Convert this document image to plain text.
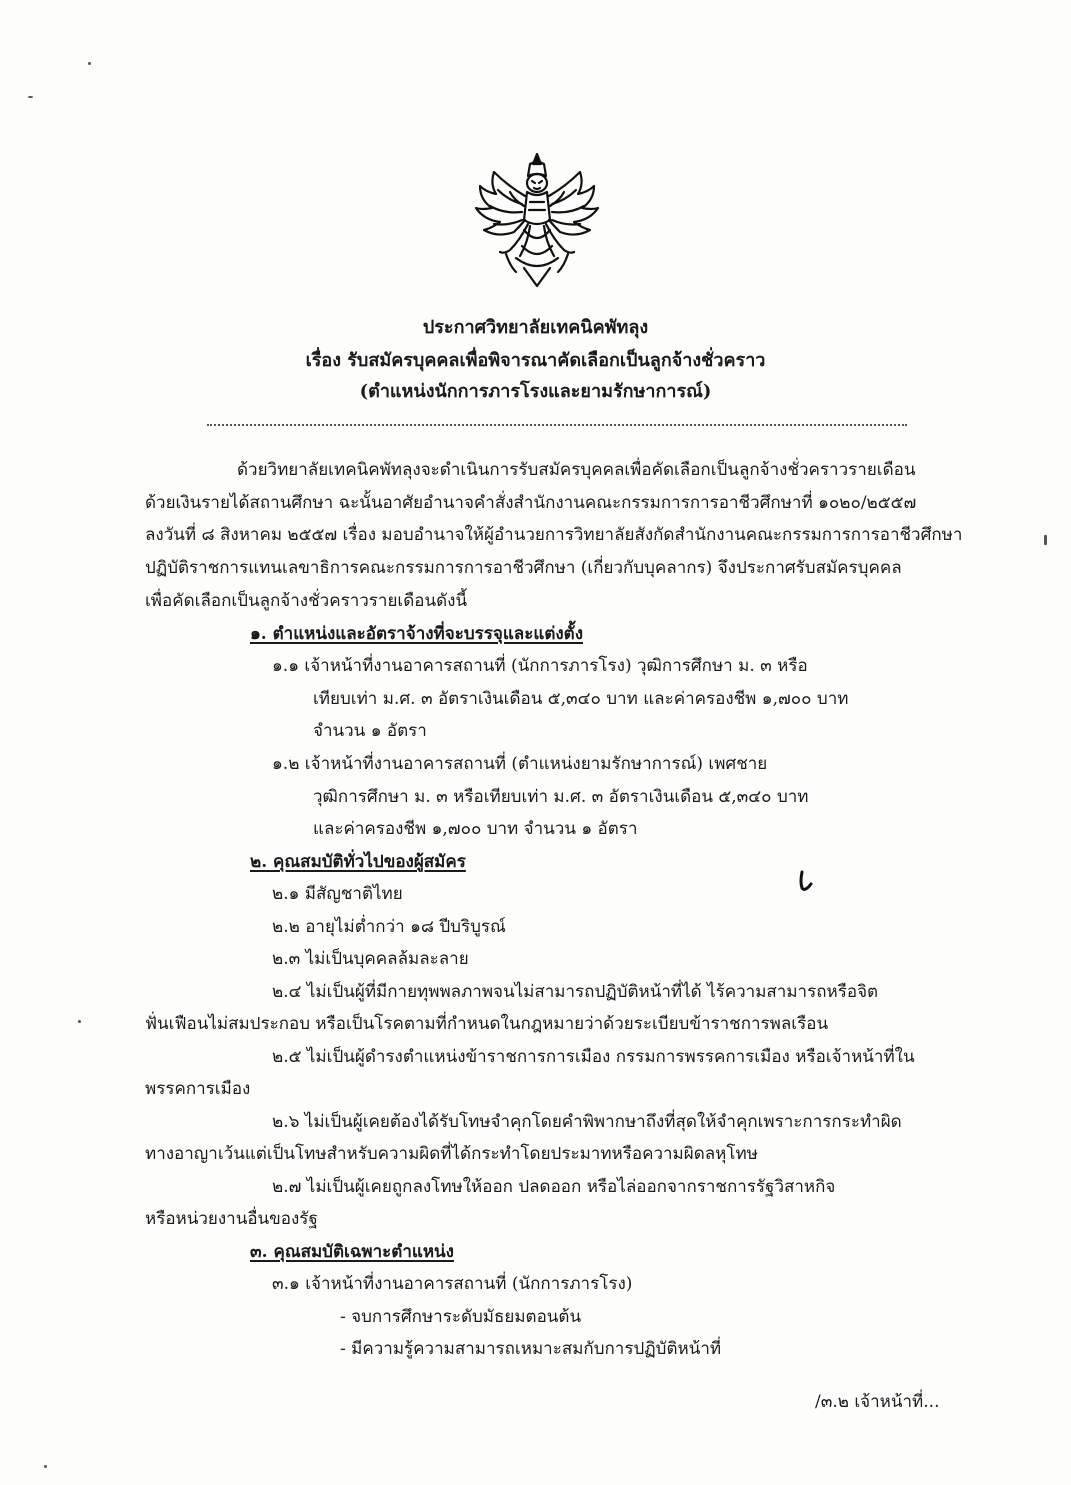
ประกาศวิทยาลัยเทคนิคพัทลุง
เรื่อง รับสมัครบุคคลเพื่อพิจารณาคัดเลือกเป็นลูกจ้างชั่วคราว
(ตำแหน่งนักการภารโรงและยามรักษาการณ์)
ด้วยวิทยาลัยเทคนิคพัทลุงจะดำเนินการรับสมัครบุคคลเพื่อคัดเลือกเป็นลูกจ้างชั่วคราวรายเดือน
ด้วยเงินรายได้สถานศึกษา ฉะนั้นอาศัยอำนาจคำสั่งสำนักงานคณะกรรมการการอาชีวศึกษาที่ ๑๐๒๐/๒๕๕๗
ลงวันที่ ๘ สิงหาคม ๒๕๕๗ เรื่อง มอบอำนาจให้ผู้อำนวยการวิทยาลัยสังกัดสำนักงานคณะกรรมการการอาชีวศึกษา
ปฏิบัติราชการแทนเลขาธิการคณะกรรมการการอาชีวศึกษา (เกี่ยวกับบุคลากร) จึงประกาศรับสมัครบุคคล
เพื่อคัดเลือกเป็นลูกจ้างชั่วคราวรายเดือนดังนี้
๑. ตำแหน่งและอัตราจ้างที่จะบรรจุและแต่งตั้ง
๑.๑ เจ้าหน้าที่งานอาคารสถานที่ (นักการภารโรง) วุฒิการศึกษา ม. ๓ หรือ
เทียบเท่า ม.ศ. ๓ อัตราเงินเดือน ๕,๓๔๐ บาท และค่าครองชีพ ๑,๗๐๐ บาท
จำนวน ๑ อัตรา
๑.๒ เจ้าหน้าที่งานอาคารสถานที่ (ตำแหน่งยามรักษาการณ์) เพศชาย
วุฒิการศึกษา ม. ๓ หรือเทียบเท่า ม.ศ. ๓ อัตราเงินเดือน ๕,๓๔๐ บาท
และค่าครองชีพ ๑,๗๐๐ บาท จำนวน ๑ อัตรา
๒. คุณสมบัติทั่วไปของผู้สมัคร
๒.๑ มีสัญชาติไทย
๒.๒ อายุไม่ต่ำกว่า ๑๘ ปีบริบูรณ์
๒.๓ ไม่เป็นบุคคลล้มละลาย
๒.๔ ไม่เป็นผู้ที่มีกายทุพพลภาพจนไม่สามารถปฏิบัติหน้าที่ได้ ไร้ความสามารถหรือจิต
ฟั่นเฟือนไม่สมประกอบ หรือเป็นโรคตามที่กำหนดในกฎหมายว่าด้วยระเบียบข้าราชการพลเรือน
๒.๕ ไม่เป็นผู้ดำรงตำแหน่งข้าราชการการเมือง กรรมการพรรคการเมือง หรือเจ้าหน้าที่ใน
พรรคการเมือง
๒.๖ ไม่เป็นผู้เคยต้องได้รับโทษจำคุกโดยคำพิพากษาถึงที่สุดให้จำคุกเพราะการกระทำผิด
ทางอาญาเว้นแต่เป็นโทษสำหรับความผิดที่ได้กระทำโดยประมาทหรือความผิดลหุโทษ
๒.๗ ไม่เป็นผู้เคยถูกลงโทษให้ออก ปลดออก หรือไล่ออกจากราชการรัฐวิสาหกิจ
หรือหน่วยงานอื่นของรัฐ
๓. คุณสมบัติเฉพาะตำแหน่ง
๓.๑ เจ้าหน้าที่งานอาคารสถานที่ (นักการภารโรง)
- จบการศึกษาระดับมัธยมตอนต้น
- มีความรู้ความสามารถเหมาะสมกับการปฏิบัติหน้าที่
/๓.๒ เจ้าหน้าที่...
